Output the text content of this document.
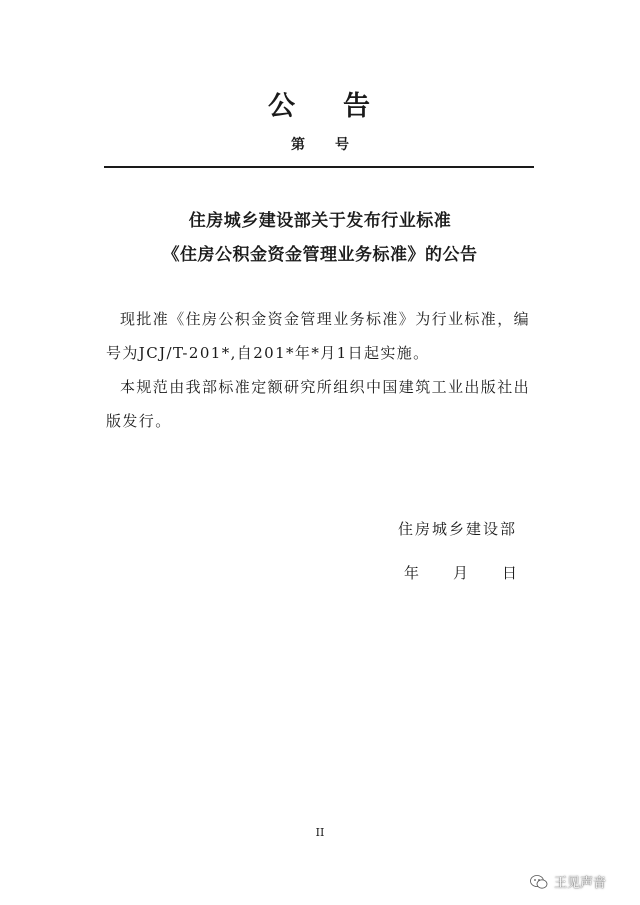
公 告
第 号
住房城乡建设部关于发布行业标准
《住房公积金资金管理业务标准》的公告
现批准《住房公积金资金管理业务标准》为行业标准，编
号为JCJ/T-201*,自201*年*月1日起实施。
本规范由我部标准定额研究所组织中国建筑工业出版社出
版发行。
住房城乡建设部
年 月 日
II
王见声音
